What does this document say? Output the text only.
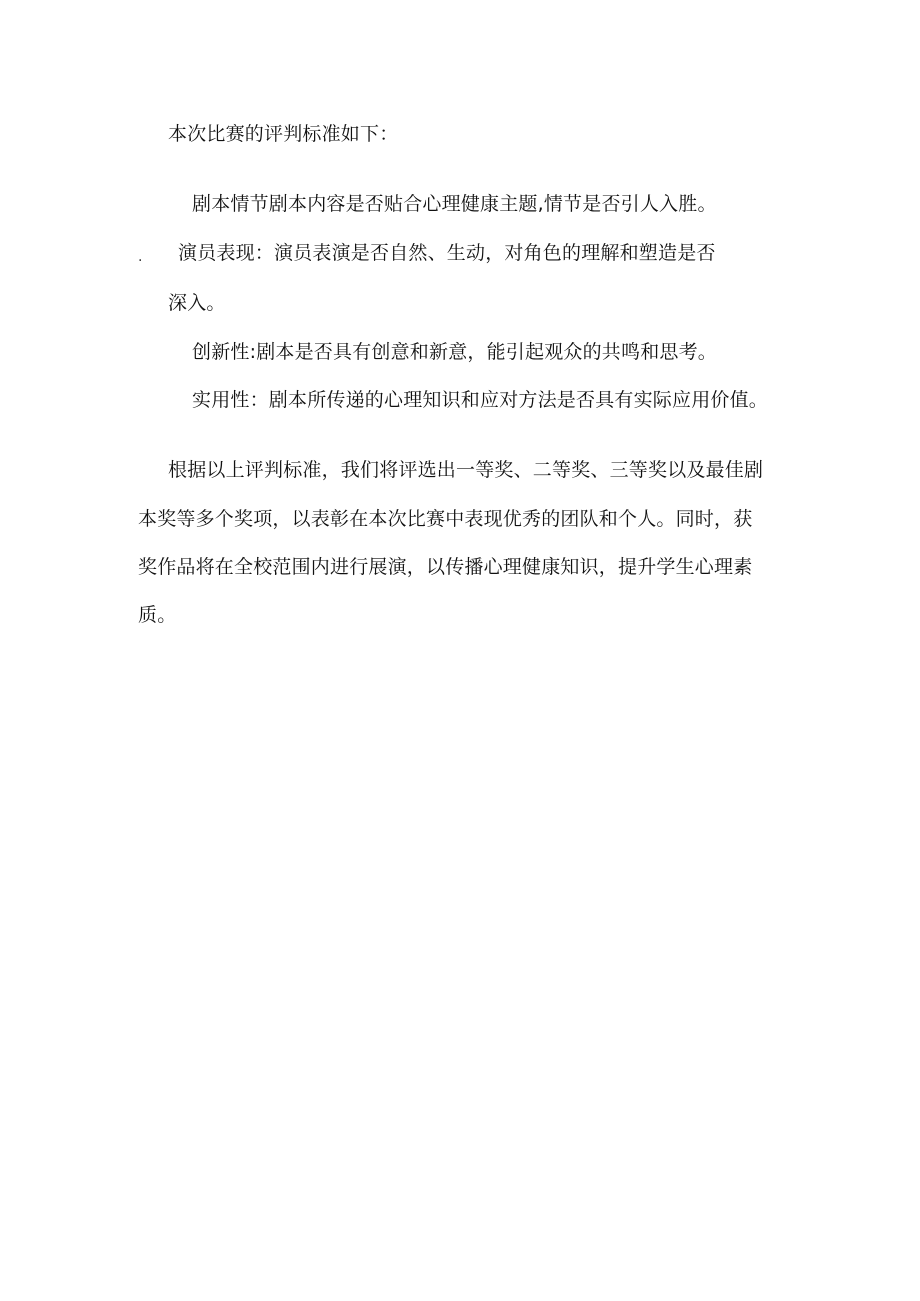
本次比赛的评判标准如下：
剧本情节剧本内容是否贴合心理健康主题,情节是否引人入胜。
. 演员表现：演员表演是否自然、生动，对角色的理解和塑造是否
深入。
创新性:剧本是否具有创意和新意，能引起观众的共鸣和思考。
实用性：剧本所传递的心理知识和应对方法是否具有实际应用价值。
根据以上评判标准，我们将评选出一等奖、二等奖、三等奖以及最佳剧
本奖等多个奖项，以表彰在本次比赛中表现优秀的团队和个人。同时，获
奖作品将在全校范围内进行展演，以传播心理健康知识，提升学生心理素
质。
